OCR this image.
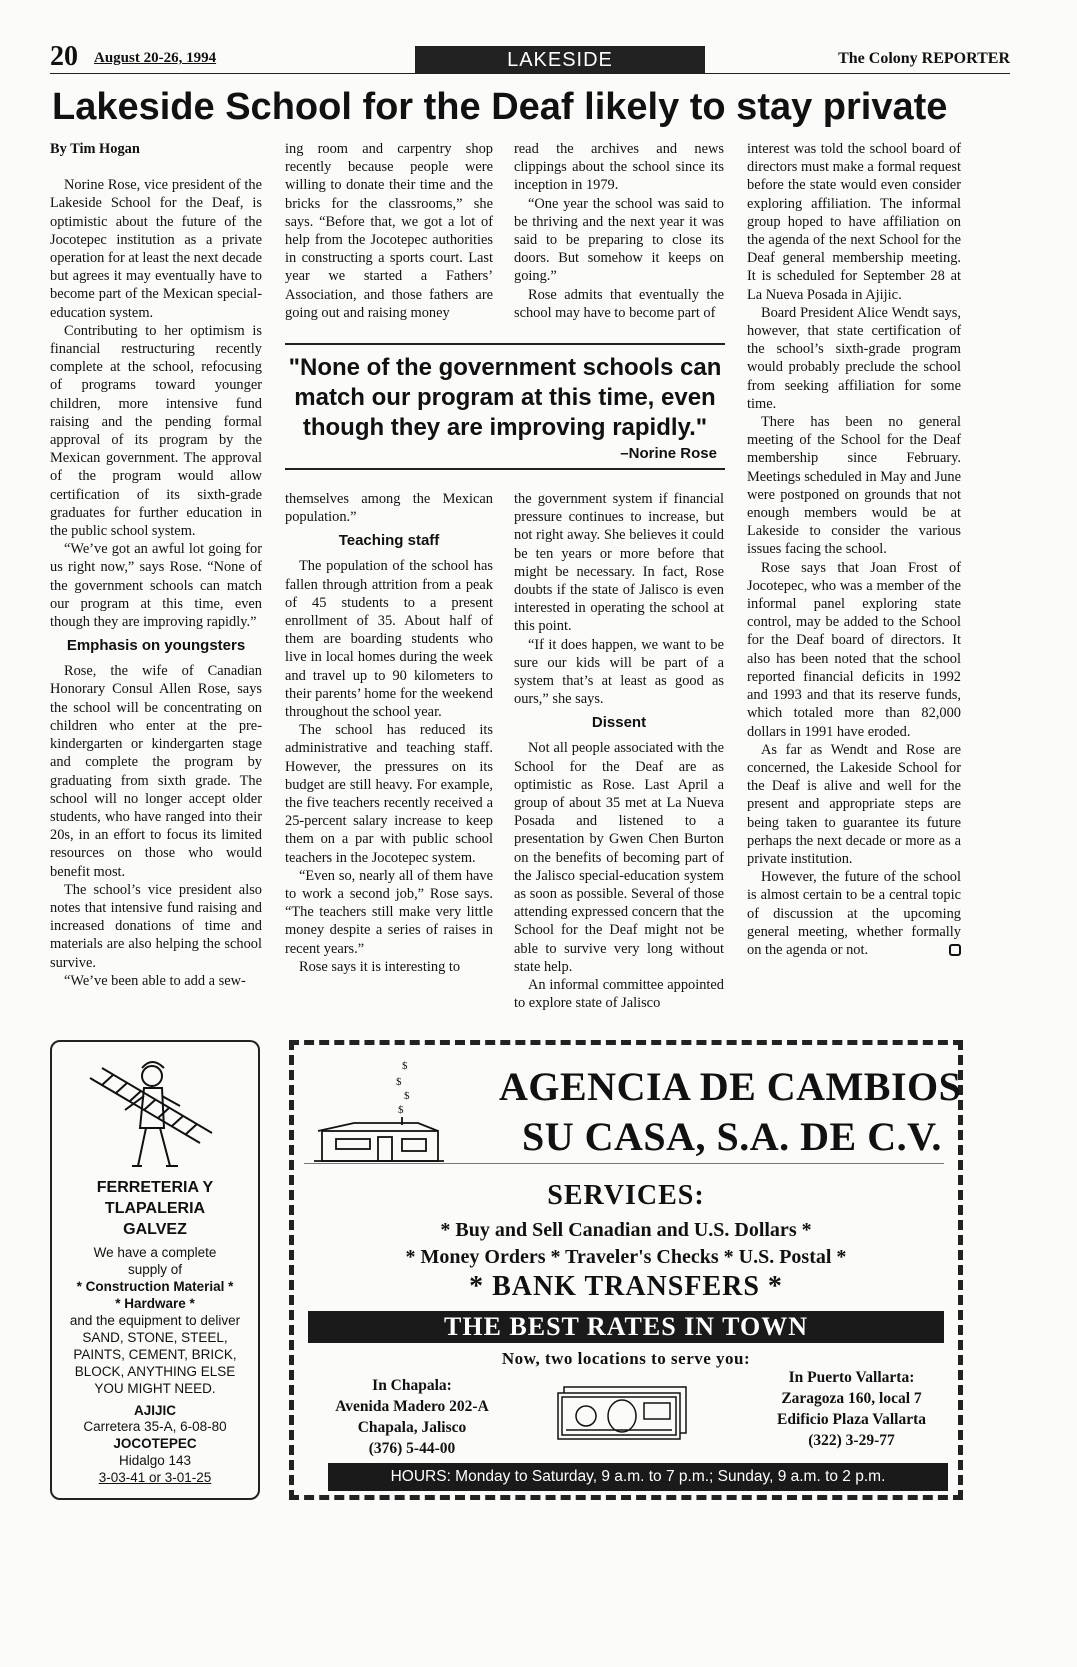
20 August 20-26, 1994	LAKESIDE	The Colony REPORTER
Lakeside School for the Deaf likely to stay private

By Tim Hogan

Norine Rose, vice president of the Lakeside School for the Deaf, is optimistic about the future of the Jocotepec institution as a private operation for at least the next decade but agrees it may eventually have to become part of the Mexican special-education system.

Contributing to her optimism is financial restructuring recently complete at the school, refocusing of programs toward younger children, more intensive fund raising and the pending formal approval of its program by the Mexican government. The approval of the program would allow certification of its sixth-grade graduates for further education in the public school system.

“We’ve got an awful lot going for us right now,” says Rose. “None of the government schools can match our program at this time, even though they are improving rapidly.”

Emphasis on youngsters

Rose, the wife of Canadian Honorary Consul Allen Rose, says the school will be concentrating on children who enter at the pre-kindergarten or kindergarten stage and complete the program by graduating from sixth grade. The school will no longer accept older students, who have ranged into their 20s, in an effort to focus its limited resources on those who would benefit most.

The school’s vice president also notes that intensive fund raising and increased donations of time and materials are also helping the school survive.

“We’ve been able to add a sew-

ing room and carpentry shop recently because people were willing to donate their time and the bricks for the classrooms,” she says. “Before that, we got a lot of help from the Jocotepec authorities in constructing a sports court. Last year we started a Fathers’ Association, and those fathers are going out and raising money

read the archives and news clippings about the school since its inception in 1979.

“One year the school was said to be thriving and the next year it was said to be preparing to close its doors. But somehow it keeps on going.”

Rose admits that eventually the school may have to become part of

"None of the government schools can match our program at this time, even though they are improving rapidly."
–Norine Rose

themselves among the Mexican population.”

Teaching staff

The population of the school has fallen through attrition from a peak of 45 students to a present enrollment of 35. About half of them are boarding students who live in local homes during the week and travel up to 90 kilometers to their parents’ home for the weekend throughout the school year.

The school has reduced its administrative and teaching staff. However, the pressures on its budget are still heavy. For example, the five teachers recently received a 25-percent salary increase to keep them on a par with public school teachers in the Jocotepec system.

“Even so, nearly all of them have to work a second job,” Rose says. “The teachers still make very little money despite a series of raises in recent years.”

Rose says it is interesting to

the government system if financial pressure continues to increase, but not right away. She believes it could be ten years or more before that might be necessary. In fact, Rose doubts if the state of Jalisco is even interested in operating the school at this point.

“If it does happen, we want to be sure our kids will be part of a system that’s at least as good as ours,” she says.

Dissent

Not all people associated with the School for the Deaf are as optimistic as Rose. Last April a group of about 35 met at La Nueva Posada and listened to a presentation by Gwen Chen Burton on the benefits of becoming part of the Jalisco special-education system as soon as possible. Several of those attending expressed concern that the School for the Deaf might not be able to survive very long without state help.

An informal committee appointed to explore state of Jalisco

interest was told the school board of directors must make a formal request before the state would even consider exploring affiliation. The informal group hoped to have affiliation on the agenda of the next School for the Deaf general membership meeting. It is scheduled for September 28 at La Nueva Posada in Ajijic.

Board President Alice Wendt says, however, that state certification of the school’s sixth-grade program would probably preclude the school from seeking affiliation for some time.

There has been no general meeting of the School for the Deaf membership since February. Meetings scheduled in May and June were postponed on grounds that not enough members would be at Lakeside to consider the various issues facing the school.

Rose says that Joan Frost of Jocotepec, who was a member of the informal panel exploring state control, may be added to the School for the Deaf board of directors. It also has been noted that the school reported financial deficits in 1992 and 1993 and that its reserve funds, which totaled more than 82,000 dollars in 1991 have eroded.

As far as Wendt and Rose are concerned, the Lakeside School for the Deaf is alive and well for the present and appropriate steps are being taken to guarantee its future perhaps the next decade or more as a private institution.

However, the future of the school is almost certain to be a central topic of discussion at the upcoming general meeting, whether formally on the agenda or not.

FERRETERIA Y
TLAPALERIA
GALVEZ
We have a complete
supply of
* Construction Material *
* Hardware *
and the equipment to deliver
SAND, STONE, STEEL,
PAINTS, CEMENT, BRICK,
BLOCK, ANYTHING ELSE
YOU MIGHT NEED.
AJIJIC
Carretera 35-A, 6-08-80
JOCOTEPEC
Hidalgo 143
3-03-41 or 3-01-25
$
$
$
$
AGENCIA DE CAMBIOS
SU CASA, S.A. DE C.V.
SERVICES:
* Buy and Sell Canadian and U.S. Dollars *
* Money Orders * Traveler's Checks * U.S. Postal *
* BANK TRANSFERS *
THE BEST RATES IN TOWN
Now, two locations to serve you:
In Chapala:
Avenida Madero 202-A
Chapala, Jalisco
(376) 5-44-00
In Puerto Vallarta:
Zaragoza 160, local 7
Edificio Plaza Vallarta
(322) 3-29-77
HOURS: Monday to Saturday, 9 a.m. to 7 p.m.; Sunday, 9 a.m. to 2 p.m.
